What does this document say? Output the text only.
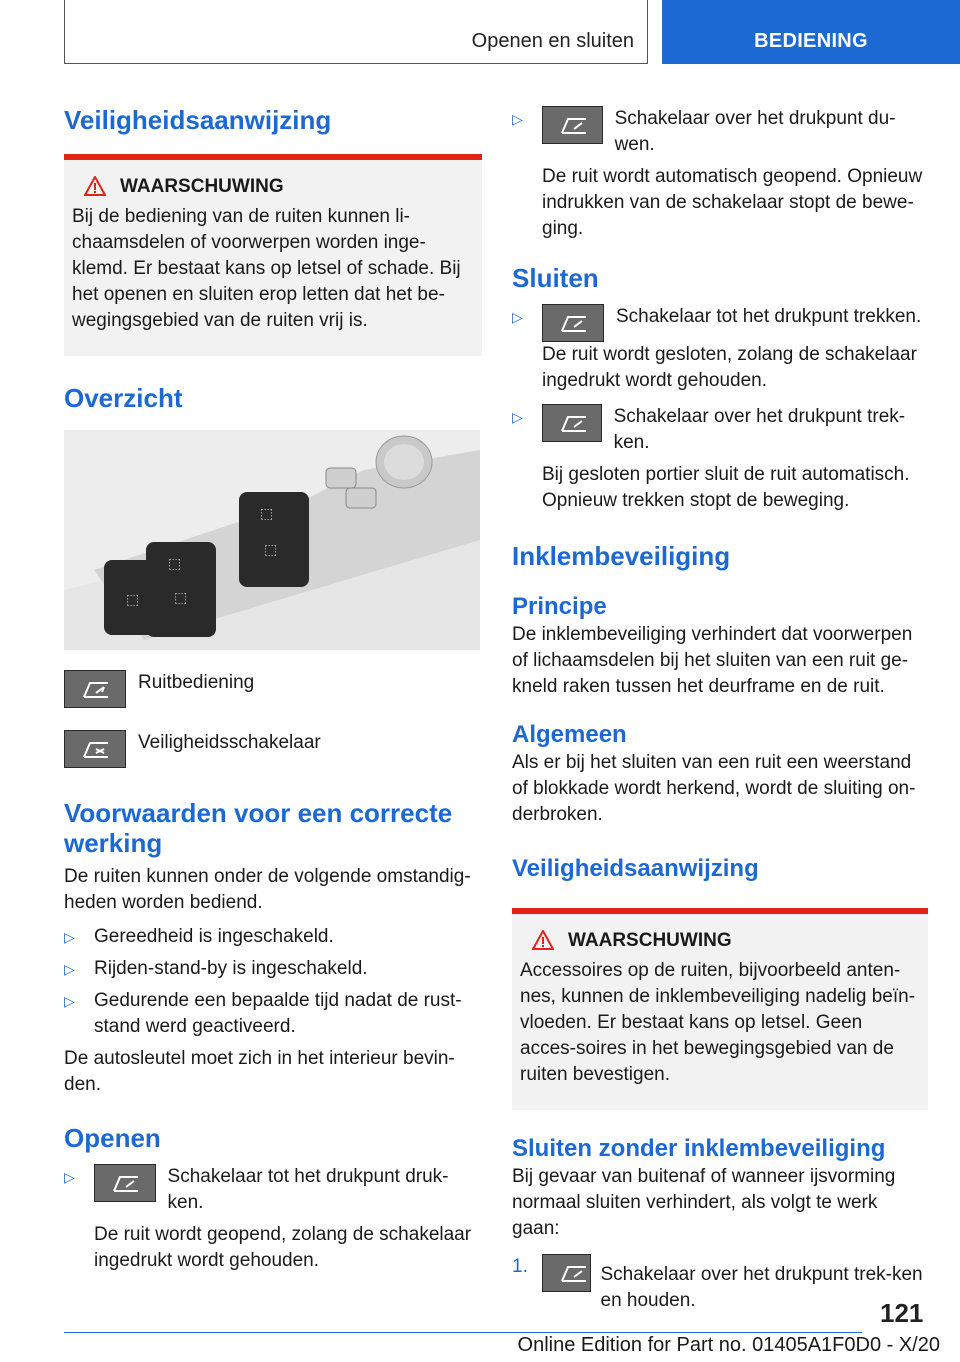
Openen en sluiten	BEDIENING
Veiligheidsaanwijzing
WAARSCHUWING

Bij de bediening van de ruiten kunnen li-chaamsdelen of voorwerpen worden inge-klemd. Er bestaat kans op letsel of schade. Bij het openen en sluiten erop letten dat het be-wegingsgebied van de ruiten vrij is.

Overzicht
⬚
⬚
⬚
⬚
⬚

Ruitbediening

Veiligheidsschakelaar

Voorwaarden voor een correcte werking

De ruiten kunnen onder de volgende omstandig-heden worden bediend.

▷ Gereedheid is ingeschakeld.

▷ Rijden-stand-by is ingeschakeld.

▷ Gedurende een bepaalde tijd nadat de rust-stand werd geactiveerd.

De autosleutel moet zich in het interieur bevin-den.

Openen
▷	Schakelaar tot het drukpunt druk-ken.

De ruit wordt geopend, zolang de schakelaar ingedrukt wordt gehouden.

▷	Schakelaar over het drukpunt du-wen.

De ruit wordt automatisch geopend. Opnieuw indrukken van de schakelaar stopt de bewe-ging.

Sluiten
▷	Schakelaar tot het drukpunt trekken.

De ruit wordt gesloten, zolang de schakelaar ingedrukt wordt gehouden.

▷	Schakelaar over het drukpunt trek-ken.

Bij gesloten portier sluit de ruit automatisch. Opnieuw trekken stopt de beweging.

Inklembeveiliging
Principe

De inklembeveiliging verhindert dat voorwerpen of lichaamsdelen bij het sluiten van een ruit ge-kneld raken tussen het deurframe en de ruit.

Algemeen

Als er bij het sluiten van een ruit een weerstand of blokkade wordt herkend, wordt de sluiting on-derbroken.

Veiligheidsaanwijzing
WAARSCHUWING

Accessoires op de ruiten, bijvoorbeeld anten-nes, kunnen de inklembeveiliging nadelig beïn-vloeden. Er bestaat kans op letsel. Geen acces-soires in het bewegingsgebied van de ruiten bevestigen.

Sluiten zonder inklembeveiliging

Bij gevaar van buitenaf of wanneer ijsvorming normaal sluiten verhindert, als volgt te werk gaan:

1.	Schakelaar over het drukpunt trek-ken en houden.	121
Online Edition for Part no. 01405A1F0D0 - X/20
